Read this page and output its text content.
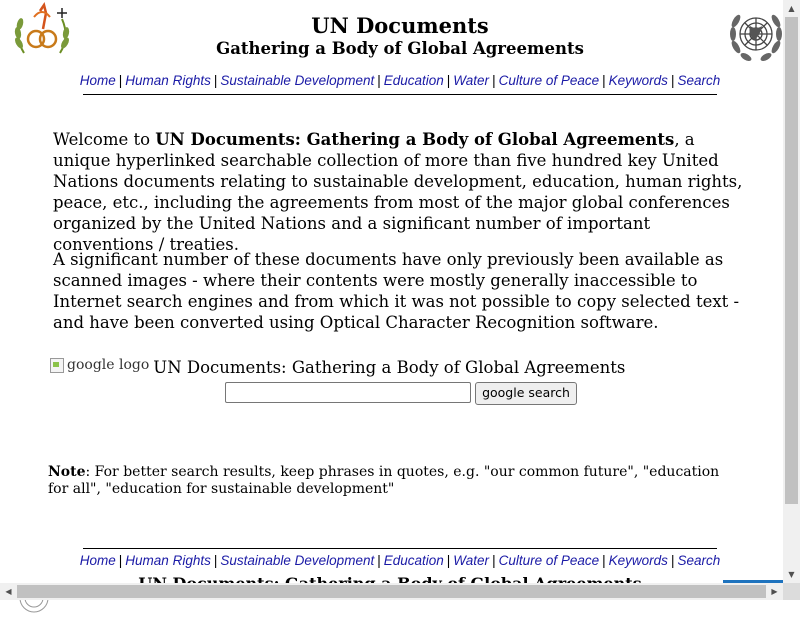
UN Documents
Gathering a Body of Global Agreements
Home | Human Rights | Sustainable Development | Education | Water | Culture of Peace | Keywords | Search

Welcome to UN Documents: Gathering a Body of Global Agreements, a unique hyperlinked searchable collection of more than five hundred key United Nations documents relating to sustainable development, education, human rights, peace, etc., including the agreements from most of the major global conferences organized by the United Nations and a significant number of important conventions / treaties.

A significant number of these documents have only previously been available as scanned images - where their contents were mostly generally inaccessible to Internet search engines and from which it was not possible to copy selected text - and have been converted using Optical Character Recognition software.

google logo UN Documents: Gathering a Body of Global Agreements
google search
Note: For better search results, keep phrases in quotes, e.g. "our common future", "education for all", "education for sustainable development"
Home | Human Rights | Sustainable Development | Education | Water | Culture of Peace | Keywords | Search
▲
▼
◀	▶
